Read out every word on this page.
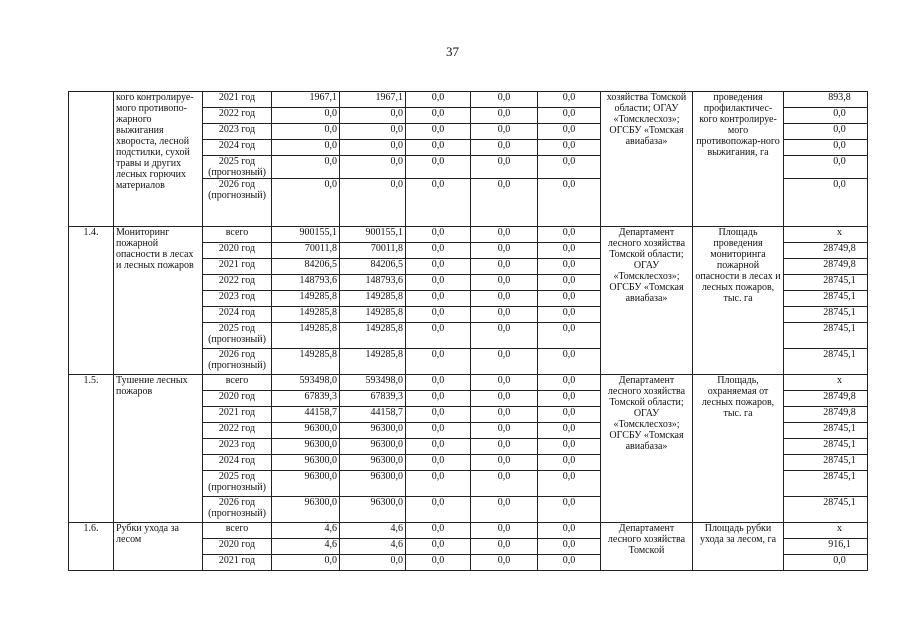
37
	кого контролируе-мого противопо-жарного выжигания хвороста, лесной подстилки, сухой травы и других лесных горючих материалов	2021 год	1967,1	1967,1	0,0	0,0	0,0	хозяйства Томской области; ОГАУ «Томсклесхоз»; ОГСБУ «Томская авиабаза»	проведения профилактичес-кого контролируе-мого противопожар-ного выжигания, га	893,8
		2022 год	0,0	0,0	0,0	0,0	0,0			0,0
		2023 год	0,0	0,0	0,0	0,0	0,0			0,0
		2024 год	0,0	0,0	0,0	0,0	0,0			0,0
		2025 год (прогнозный)	0,0	0,0	0,0	0,0	0,0			0,0
		2026 год (прогнозный)	0,0	0,0	0,0	0,0	0,0			0,0
1.4.	Мониторинг пожарной опасности в лесах и лесных пожаров	всего	900155,1	900155,1	0,0	0,0	0,0	Департамент лесного хозяйства Томской области; ОГАУ «Томсклесхоз»; ОГСБУ «Томская авиабаза»	Площадь проведения мониторинга пожарной опасности в лесах и лесных пожаров, тыс. га	х
		2020 год	70011,8	70011,8	0,0	0,0	0,0			28749,8
		2021 год	84206,5	84206,5	0,0	0,0	0,0			28749,8
		2022 год	148793,6	148793,6	0,0	0,0	0,0			28745,1
		2023 год	149285,8	149285,8	0,0	0,0	0,0			28745,1
		2024 год	149285,8	149285,8	0,0	0,0	0,0			28745,1
		2025 год (прогнозный)	149285,8	149285,8	0,0	0,0	0,0			28745,1
		2026 год (прогнозный)	149285,8	149285,8	0,0	0,0	0,0			28745,1
1.5.	Тушение лесных пожаров	всего	593498,0	593498,0	0,0	0,0	0,0	Департамент лесного хозяйства Томской области; ОГАУ «Томсклесхоз»; ОГСБУ «Томская авиабаза»	Площадь, охраняемая от лесных пожаров, тыс. га	х
		2020 год	67839,3	67839,3	0,0	0,0	0,0			28749,8
		2021 год	44158,7	44158,7	0,0	0,0	0,0			28749,8
		2022 год	96300,0	96300,0	0,0	0,0	0,0			28745,1
		2023 год	96300,0	96300,0	0,0	0,0	0,0			28745,1
		2024 год	96300,0	96300,0	0,0	0,0	0,0			28745,1
		2025 год (прогнозный)	96300,0	96300,0	0,0	0,0	0,0			28745,1
		2026 год (прогнозный)	96300,0	96300,0	0,0	0,0	0,0			28745,1
1.6.	Рубки ухода за лесом	всего	4,6	4,6	0,0	0,0	0,0	Департамент лесного хозяйства Томской	Площадь рубки ухода за лесом, га	х
		2020 год	4,6	4,6	0,0	0,0	0,0			916,1
		2021 год	0,0	0,0	0,0	0,0	0,0			0,0
